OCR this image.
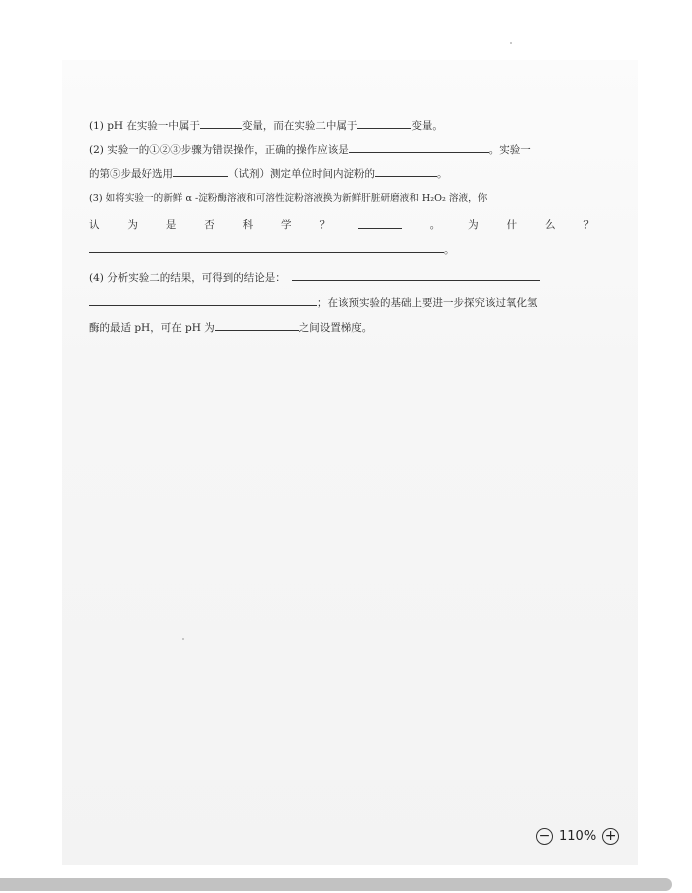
(1) pH 在实验一中属于	变量，而在实验二中属于	变量。
(2) 实验一的①②③步骤为错误操作，正确的操作应该是	。实验一
的第⑤步最好选用	（试剂）测定单位时间内淀粉的	。
(3) 如将实验一的新鲜 α -淀粉酶溶液和可溶性淀粉溶液换为新鲜肝脏研磨液和 H₂O₂ 溶液，你
认	为	是	否	科	学	？	。	为	什	么	？
。
(4) 分析实验二的结果，可得到的结论是：
；在该预实验的基础上要进一步探究该过氧化氢
酶的最适 pH，可在 pH 为	之间设置梯度。
− 110% +
